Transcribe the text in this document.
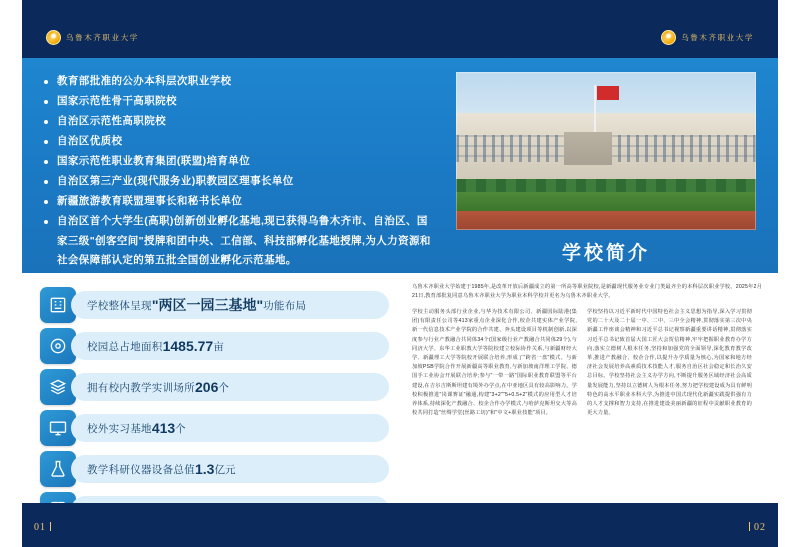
乌鲁木齐职业大学	乌鲁木齐职业大学
教育部批准的公办本科层次职业学校
国家示范性骨干高职院校
自治区示范性高职院校
自治区优质校
国家示范性职业教育集团(联盟)培育单位
自治区第三产业(现代服务业)职教园区理事长单位
新疆旅游教育联盟理事长和秘书长单位
自治区首个大学生(高职)创新创业孵化基地,现已获得乌鲁木齐市、自治区、国家三级"创客空间"授牌和团中央、工信部、科技部孵化基地授牌,为人力资源和社会保障部认定的第五批全国创业孵化示范基地。	学校简介
学校整体呈现 "两区一园三基地" 功能布局
校园总占地面积 1485.77 亩
拥有校内教学实训场所 206 个
校外实习基地 413 个
教学科研仪器设备总值 1.3 亿元
乌鲁木齐职业大学始建于1985年,是改革开放后新疆成立的第一所高等职业院校,是新疆现代服务业专业门类最齐全的本科层次职业学校。2025年2月21日,教育部批复同意乌鲁木齐职业大学为职业本科学校并更名为乌鲁木齐职业大学。
学校主动服务头部行业企业,与华为技术有限公司、新疆国际陆港(集团)有限责任公司等413家重点企业深化合作,校企共建实体产业学院,新一代信息技术产业学院的合作共建、奔头建设项目等机制创新,以深度参与行业产教融合共同体34个(国家级行业产教融合共同体29个),与同济大学、东华工业职教大学等院校建立校际协作关系,与新疆财经大学、新疆理工大学等院校开展联合培养,形成了"跨省一盘"模式。与新加坡PSB学院合作开展新疆高等职业教育,与新加坡南洋理工学院、德国手工业协会开展联合培养;参与"一带一路"国际职业教育联盟等平台建设,在吉尔吉斯斯坦建有境外办学点,在中亚地区具有较高影响力。学校积极推进"岗课赛证"融通,构建"3+2""5+0.5+2"模式的应用型人才培养体系,持续深化产教融合、校企合作办学模式,与哈萨克斯坦交大等高校共同打造"丝绸学堂(丝路工坊)"和"中文+职业技能"项目。
学校坚持以习近平新时代中国特色社会主义思想为指导,深入学习贯彻党的二十大及二十届一中、二中、三中全会精神,贯彻落实第三次中央新疆工作座谈会精神和习近平总书记视察新疆重要讲话精神,贯彻落实习近平总书记致首届大国工匠大会贺信精神,牢牢把握职业教育办学方向,落实立德树人根本任务,坚持和加强党的全面领导,深化教育教学改革,推进产教融合、校企合作,以提升办学质量为核心,为国家和地方经济社会发展培养高素质技术技能人才,服务自治区社会稳定和长治久安总目标。学校坚持社会主义办学方向,不断提升服务区域经济社会高质量发展能力,坚持以立德树人为根本任务,努力把学校建设成为具有鲜明特色的高水平职业本科大学,为推进中国式现代化新疆实践提供强有力的人才支撑和智力支持,在推进建设美丽新疆的征程中贡献职业教育的更大力量。
01	02
